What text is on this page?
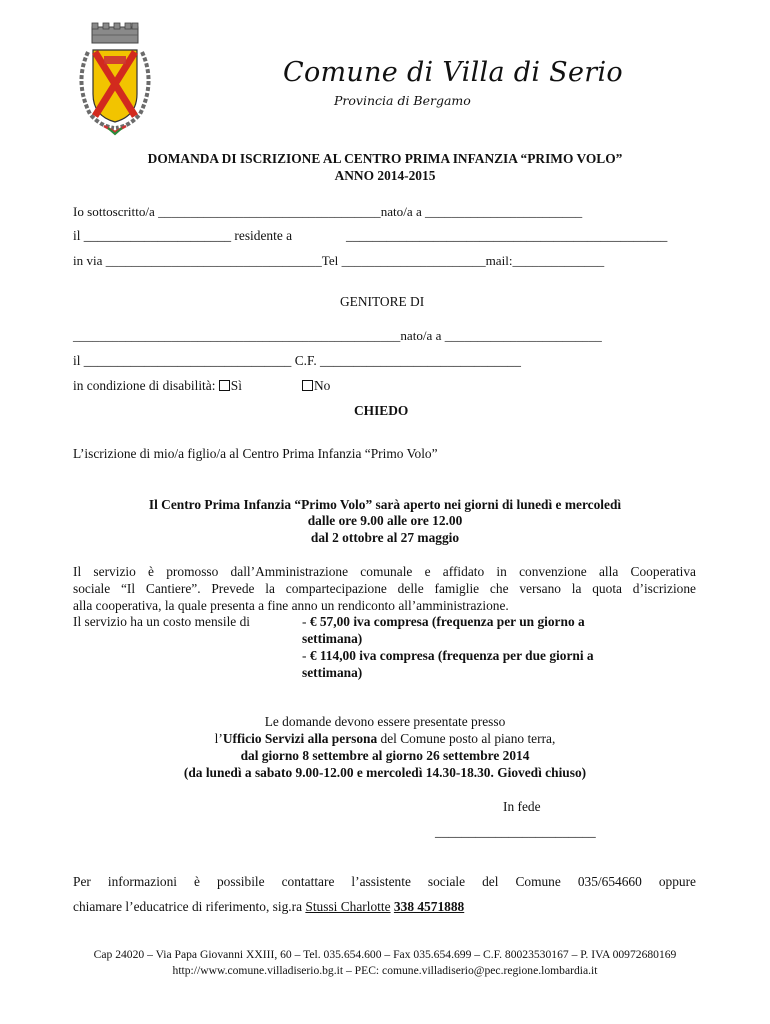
Comune di Villa di Serio
Provincia di Bergamo
DOMANDA DI ISCRIZIONE AL CENTRO PRIMA INFANZIA “PRIMO VOLO”
ANNO 2014-2015
Io sottoscritto/a __________________________________nato/a a ________________________
il ______________________ residente a	________________________________________________
in via _________________________________Tel ______________________mail:______________
GENITORE DI
__________________________________________________nato/a a ________________________
il _______________________________ C.F. ______________________________
in condizione di disabilità: Sì	No
CHIEDO
L’iscrizione di mio/a figlio/a al Centro Prima Infanzia “Primo Volo”
Il Centro Prima Infanzia “Primo Volo” sarà aperto nei giorni di lunedì e mercoledì
dalle ore 9.00 alle ore 12.00
dal 2 ottobre al 27 maggio
Il servizio è promosso dall’Amministrazione comunale e affidato in convenzione alla Cooperativa
sociale “Il Cantiere”. Prevede la compartecipazione delle famiglie che versano la quota d’iscrizione
alla cooperativa, la quale presenta a fine anno un rendiconto all’amministrazione.
Il servizio ha un costo mensile di	- € 57,00 iva compresa (frequenza per un giorno a
settimana)
- € 114,00 iva compresa (frequenza per due giorni a
settimana)
Le domande devono essere presentate presso
l’Ufficio Servizi alla persona del Comune posto al piano terra,
dal giorno 8 settembre al giorno 26 settembre 2014
(da lunedì a sabato 9.00-12.00 e mercoledì 14.30-18.30. Giovedì chiuso)
In fede
________________________
Per informazioni è possibile contattare l’assistente sociale del Comune 035/654660 oppure
chiamare l’educatrice di riferimento, sig.ra Stussi Charlotte 338 4571888
Cap 24020 – Via Papa Giovanni XXIII, 60 – Tel. 035.654.600 – Fax 035.654.699 – C.F. 80023530167 – P. IVA 00972680169
http://www.comune.villadiserio.bg.it – PEC: comune.villadiserio@pec.regione.lombardia.it
